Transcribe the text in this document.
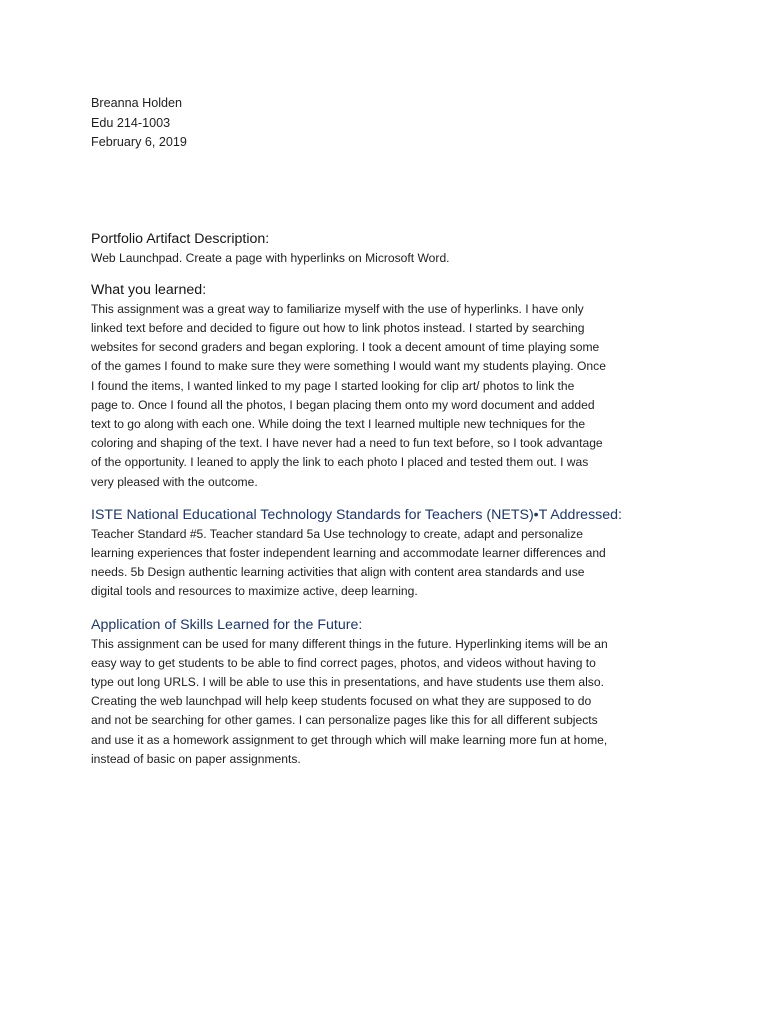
Breanna Holden

Edu 214-1003

February 6, 2019

Portfolio Artifact Description:

Web Launchpad. Create a page with hyperlinks on Microsoft Word.

What you learned:

This assignment was a great way to familiarize myself with the use of hyperlinks. I have only

linked text before and decided to figure out how to link photos instead. I started by searching

websites for second graders and began exploring. I took a decent amount of time playing some

of the games I found to make sure they were something I would want my students playing. Once

I found the items, I wanted linked to my page I started looking for clip art/ photos to link the

page to. Once I found all the photos, I began placing them onto my word document and added

text to go along with each one. While doing the text I learned multiple new techniques for the

coloring and shaping of the text. I have never had a need to fun text before, so I took advantage

of the opportunity. I leaned to apply the link to each photo I placed and tested them out. I was

very pleased with the outcome.

ISTE National Educational Technology Standards for Teachers (NETS)•T Addressed:

Teacher Standard #5. Teacher standard 5a Use technology to create, adapt and personalize

learning experiences that foster independent learning and accommodate learner differences and

needs. 5b Design authentic learning activities that align with content area standards and use

digital tools and resources to maximize active, deep learning.

Application of Skills Learned for the Future:

This assignment can be used for many different things in the future. Hyperlinking items will be an

easy way to get students to be able to find correct pages, photos, and videos without having to

type out long URLS. I will be able to use this in presentations, and have students use them also.

Creating the web launchpad will help keep students focused on what they are supposed to do

and not be searching for other games. I can personalize pages like this for all different subjects

and use it as a homework assignment to get through which will make learning more fun at home,

instead of basic on paper assignments.
